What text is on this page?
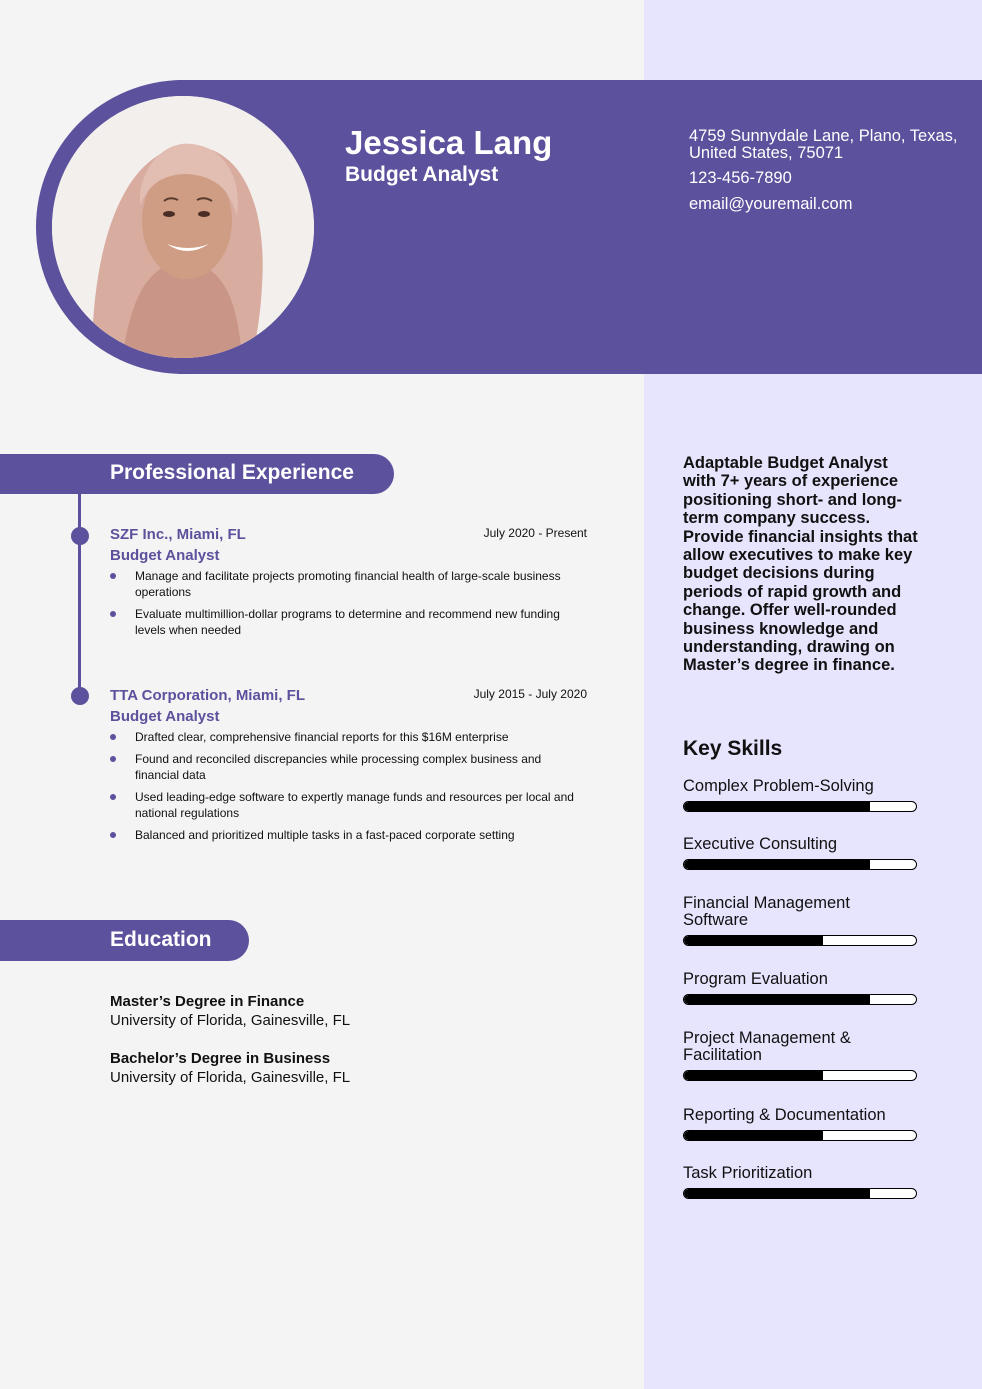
Jessica Lang
Budget Analyst
4759 Sunnydale Lane, Plano, Texas, United States, 75071
123-456-7890
email@youremail.com
Professional Experience
SZF Inc., Miami, FL	July 2020 - Present
Budget Analyst
Manage and facilitate projects promoting financial health of large-scale business operations
Evaluate multimillion-dollar programs to determine and recommend new funding levels when needed
TTA Corporation, Miami, FL	July 2015 - July 2020
Budget Analyst
Drafted clear, comprehensive financial reports for this $16M enterprise
Found and reconciled discrepancies while processing complex business and financial data
Used leading-edge software to expertly manage funds and resources per local and national regulations
Balanced and prioritized multiple tasks in a fast-paced corporate setting
Education
Master’s Degree in Finance
University of Florida, Gainesville, FL
Bachelor’s Degree in Business
University of Florida, Gainesville, FL
Adaptable Budget Analyst with 7+ years of experience positioning short- and long-term company success. Provide financial insights that allow executives to make key budget decisions during periods of rapid growth and change. Offer well-rounded business knowledge and understanding, drawing on Master’s degree in finance.
Key Skills
Complex Problem-Solving
Executive Consulting
Financial Management Software
Program Evaluation
Project Management & Facilitation
Reporting & Documentation
Task Prioritization
